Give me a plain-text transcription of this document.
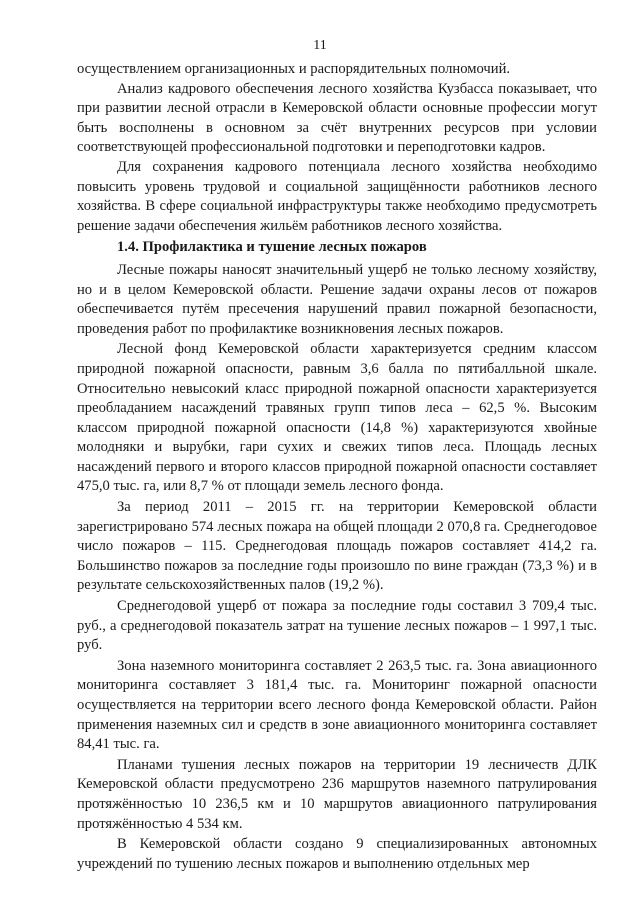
11

осуществлением организационных и распорядительных полномочий.

Анализ кадрового обеспечения лесного хозяйства Кузбасса показывает, что при развитии лесной отрасли в Кемеровской области основные профессии могут быть восполнены в основном за счёт внутренних ресурсов при условии соответствующей профессиональной подготовки и переподготовки кадров.

Для сохранения кадрового потенциала лесного хозяйства необходимо повысить уровень трудовой и социальной защищённости работников лесного хозяйства. В сфере социальной инфраструктуры также необходимо предусмотреть решение задачи обеспечения жильём работников лесного хозяйства.

1.4. Профилактика и тушение лесных пожаров

Лесные пожары наносят значительный ущерб не только лесному хозяйству, но и в целом Кемеровской области. Решение задачи охраны лесов от пожаров обеспечивается путём пресечения нарушений правил пожарной безопасности, проведения работ по профилактике возникновения лесных пожаров.

Лесной фонд Кемеровской области характеризуется средним классом природной пожарной опасности, равным 3,6 балла по пятибалльной шкале. Относительно невысокий класс природной пожарной опасности характеризуется преобладанием насаждений травяных групп типов леса – 62,5 %. Высоким классом природной пожарной опасности (14,8 %) характеризуются хвойные молодняки и вырубки, гари сухих и свежих типов леса. Площадь лесных насаждений первого и второго классов природной пожарной опасности составляет 475,0 тыс. га, или 8,7 % от площади земель лесного фонда.

За период 2011 – 2015 гг. на территории Кемеровской области зарегистрировано 574 лесных пожара на общей площади 2 070,8 га. Среднегодовое число пожаров – 115. Среднегодовая площадь пожаров составляет 414,2 га. Большинство пожаров за последние годы произошло по вине граждан (73,3 %) и в результате сельскохозяйственных палов (19,2 %).

Среднегодовой ущерб от пожара за последние годы составил 3 709,4 тыс. руб., а среднегодовой показатель затрат на тушение лесных пожаров – 1 997,1 тыс. руб.

Зона наземного мониторинга составляет 2 263,5 тыс. га. Зона авиационного мониторинга составляет 3 181,4 тыс. га. Мониторинг пожарной опасности осуществляется на территории всего лесного фонда Кемеровской области. Район применения наземных сил и средств в зоне авиационного мониторинга составляет 84,41 тыс. га.

Планами тушения лесных пожаров на территории 19 лесничеств ДЛК Кемеровской области предусмотрено 236 маршрутов наземного патрулирования протяжённостью 10 236,5 км и 10 маршрутов авиационного патрулирования протяжённостью 4 534 км.

В Кемеровской области создано 9 специализированных автономных учреждений по тушению лесных пожаров и выполнению отдельных мер
